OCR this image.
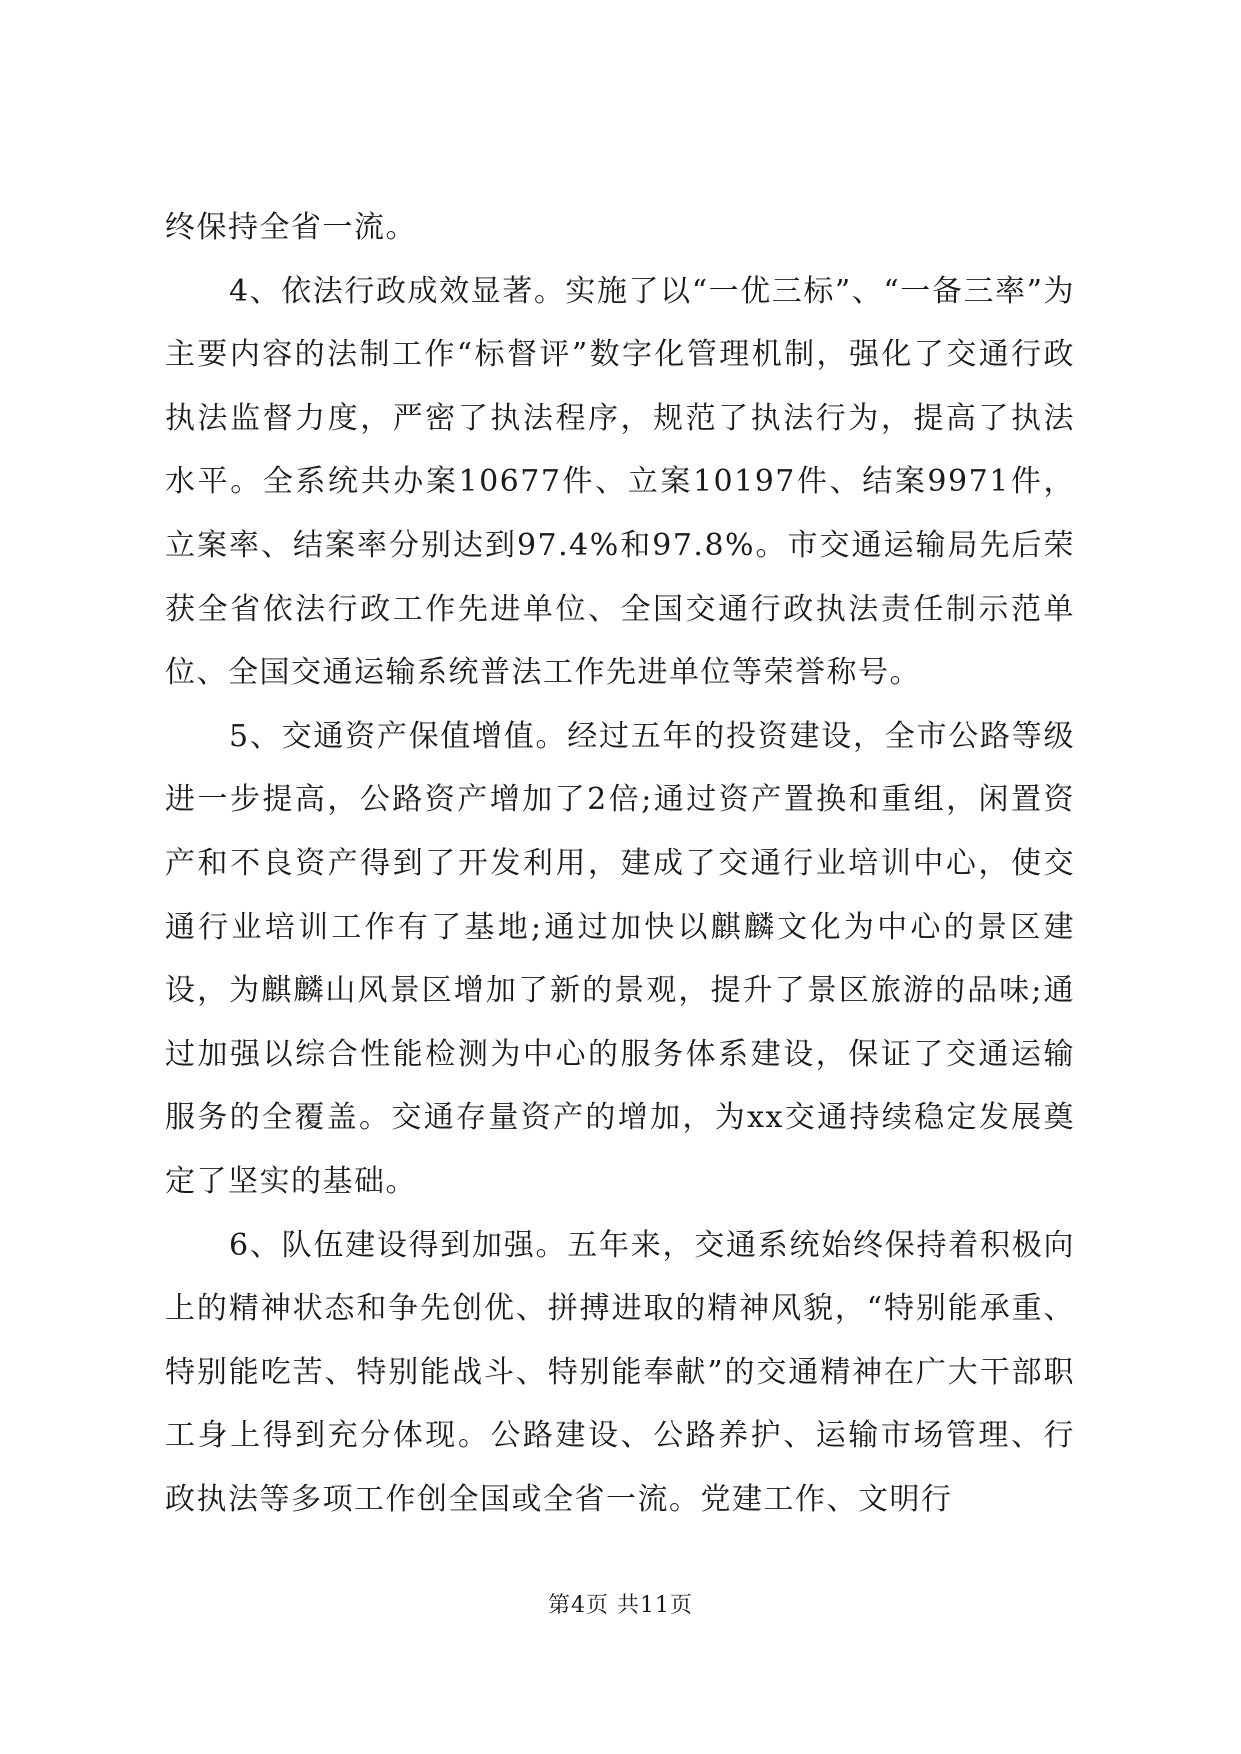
终保持全省一流。

4、依法行政成效显著。实施了以“一优三标”、“一备三率”为主要内容的法制工作“标督评”数字化管理机制，强化了交通行政执法监督力度，严密了执法程序，规范了执法行为，提高了执法水平。全系统共办案10677件、立案10197件、结案9971件，立案率、结案率分别达到97.4%和97.8%。市交通运输局先后荣获全省依法行政工作先进单位、全国交通行政执法责任制示范单位、全国交通运输系统普法工作先进单位等荣誉称号。

5、交通资产保值增值。经过五年的投资建设，全市公路等级进一步提高，公路资产增加了2倍;通过资产置换和重组，闲置资产和不良资产得到了开发利用，建成了交通行业培训中心，使交通行业培训工作有了基地;通过加快以麒麟文化为中心的景区建设，为麒麟山风景区增加了新的景观，提升了景区旅游的品味;通过加强以综合性能检测为中心的服务体系建设，保证了交通运输服务的全覆盖。交通存量资产的增加，为xx交通持续稳定发展奠定了坚实的基础。

6、队伍建设得到加强。五年来，交通系统始终保持着积极向上的精神状态和争先创优、拼搏进取的精神风貌，“特别能承重、特别能吃苦、特别能战斗、特别能奉献”的交通精神在广大干部职工身上得到充分体现。公路建设、公路养护、运输市场管理、行政执法等多项工作创全国或全省一流。党建工作、文明行

第4页 共11页
